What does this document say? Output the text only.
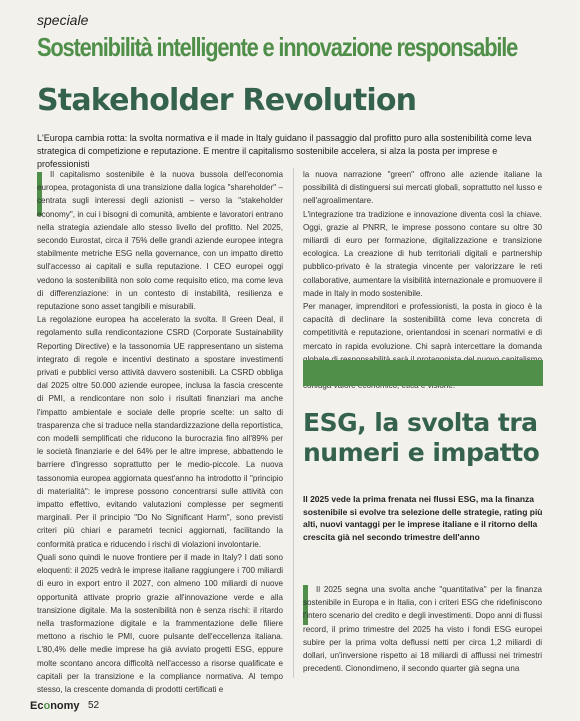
speciale
Sostenibilità intelligente e innovazione responsabile
Stakeholder Revolution
L'Europa cambia rotta: la svolta normativa e il made in Italy guidano il passaggio dal profitto puro alla sostenibilità come leva strategica di competizione e reputazione. E mentre il capitalismo sostenibile accelera, si alza la posta per imprese e professionisti

Il capitalismo sostenibile è la nuova bussola dell'economia europea, protagonista di una transizione dalla logica "shareholder" – centrata sugli interessi degli azionisti – verso la "stakeholder economy", in cui i bisogni di comunità, ambiente e lavoratori entrano nella strategia aziendale allo stesso livello del profitto. Nel 2025, secondo Eurostat, circa il 75% delle grandi aziende europee integra stabilmente metriche ESG nella governance, con un impatto diretto sull'accesso ai capitali e sulla reputazione. I CEO europei oggi vedono la sostenibilità non solo come requisito etico, ma come leva di differenziazione: in un contesto di instabilità, resilienza e reputazione sono asset tangibili e misurabili.

La regolazione europea ha accelerato la svolta. Il Green Deal, il regolamento sulla rendicontazione CSRD (Corporate Sustainability Reporting Directive) e la tassonomia UE rappresentano un sistema integrato di regole e incentivi destinato a spostare investimenti privati e pubblici verso attività davvero sostenibili. La CSRD obbliga dal 2025 oltre 50.000 aziende europee, inclusa la fascia crescente di PMI, a rendicontare non solo i risultati finanziari ma anche l'impatto ambientale e sociale delle proprie scelte: un salto di trasparenza che si traduce nella standardizzazione della reportistica, con modelli semplificati che riducono la burocrazia fino all'89% per le società finanziarie e del 64% per le altre imprese, abbattendo le barriere d'ingresso soprattutto per le medio-piccole. La nuova tassonomia europea aggiornata quest'anno ha introdotto il "principio di materialità": le imprese possono concentrarsi sulle attività con impatto effettivo, evitando valutazioni complesse per segmenti marginali. Per il principio "Do No Significant Harm", sono previsti criteri più chiari e parametri tecnici aggiornati, facilitando la conformità pratica e riducendo i rischi di violazioni involontarie.

Quali sono quindi le nuove frontiere per il made in Italy? I dati sono eloquenti: il 2025 vedrà le imprese italiane raggiungere i 700 miliardi di euro in export entro il 2027, con almeno 100 miliardi di nuove opportunità attivate proprio grazie all'innovazione verde e alla transizione digitale. Ma la sostenibilità non è senza rischi: il ritardo nella trasformazione digitale e la frammentazione delle filiere mettono a rischio le PMI, cuore pulsante dell'eccellenza italiana. L'80,4% delle medie imprese ha già avviato progetti ESG, eppure molte scontano ancora difficoltà nell'accesso a risorse qualificate e capitali per la transizione e la compliance normativa. Al tempo stesso, la crescente domanda di prodotti certificati e

la nuova narrazione "green" offrono alle aziende italiane la possibilità di distinguersi sui mercati globali, soprattutto nel lusso e nell'agroalimentare.

L'integrazione tra tradizione e innovazione diventa così la chiave. Oggi, grazie al PNRR, le imprese possono contare su oltre 30 miliardi di euro per formazione, digitalizzazione e transizione ecologica. La creazione di hub territoriali digitali e partnership pubblico-privato è la strategia vincente per valorizzare le reti collaborative, aumentare la visibilità internazionale e promuovere il made in Italy in modo sostenibile.

Per manager, imprenditori e professionisti, la posta in gioco è la capacità di declinare la sostenibilità come leva concreta di competitività e reputazione, orientandosi in scenari normativi e di mercato in rapida evoluzione. Chi saprà intercettare la domanda

ESG, la svolta tra numeri e impatto
Il 2025 vede la prima frenata nei flussi ESG, ma la finanza sostenibile si evolve tra selezione delle strategie, rating più alti, nuovi vantaggi per le imprese italiane e il ritorno della crescita già nel secondo trimestre dell'anno

Il 2025 segna una svolta anche "quantitativa" per la finanza sostenibile in Europa e in Italia, con i criteri ESG che ridefiniscono l'intero scenario del credito e degli investimenti. Dopo anni di flussi record, il primo trimestre del 2025 ha visto i fondi ESG europei subire per la prima volta deflussi netti per circa 1,2 miliardi di dollari, un'inversione rispetto ai 18 miliardi di afflussi nei trimestri precedenti. Cionondimeno, il secondo quarter già segna una

Economy 52
